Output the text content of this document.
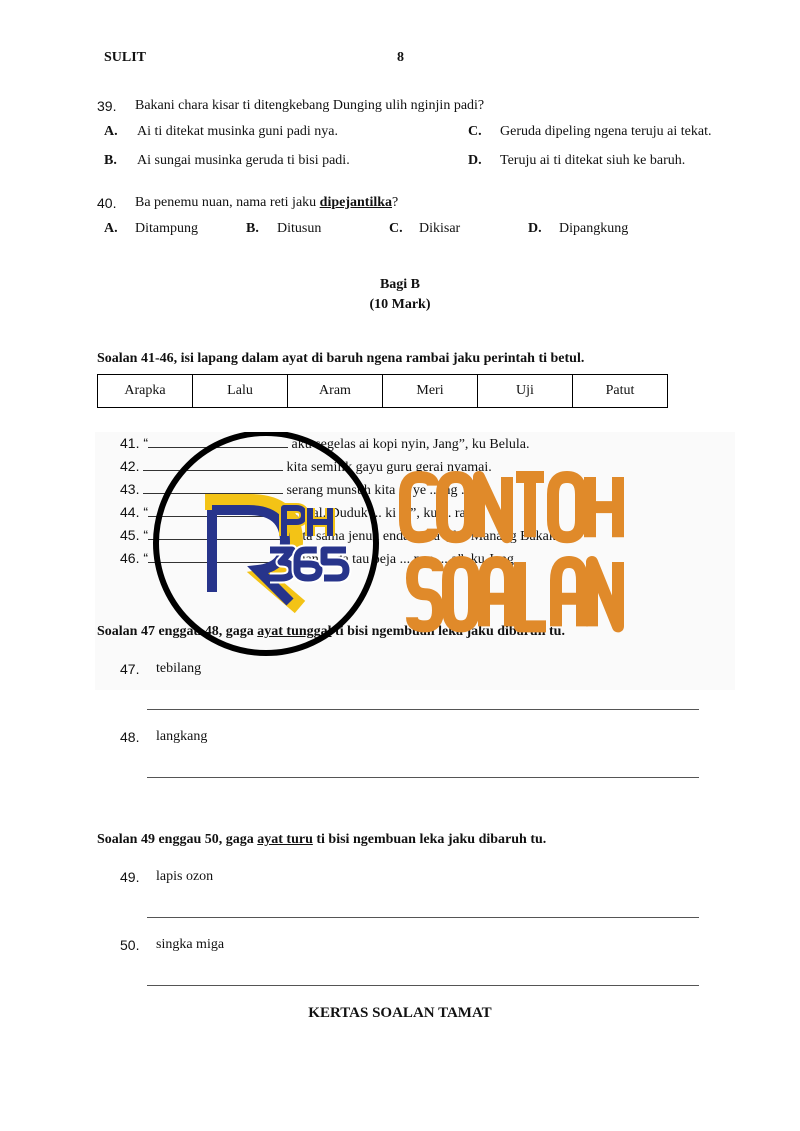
SULIT	8
39. Bakani chara kisar ti ditengkebang Dunging ulih nginjin padi?
A. Ai ti ditekat musinka guni padi nya.	C. Geruda dipeling ngena teruju ai tekat.
B. Ai sungai musinka geruda ti bisi padi.	D. Teruju ai ti ditekat siuh ke baruh.
40. Ba penemu nuan, nama reti jaku dipejantilka?
A. Ditampung	B. Ditusun	C. Dikisar	D. Dipangkung
Bagi B
(10 Mark)
Soalan 41-46, isi lapang dalam ayat di baruh ngena rambai jaku perintah ti betul.
Arapka	Lalu	Aram	Meri	Uji	Patut
41. “	aku segelas ai kopi nyin, Jang”, ku Belula.
42.	kita semilik gayu guru gerai nyamai.
43.	serang munsuh kita ... ye ... ng ... ta
44. “	... gal. Duduk ... ki ...”, ku ... ra
45. “	kita sama jenuh enda lama”, ku Manang Bakak.
46. “	nuan enda tau beja ... nya ... a”, ku Jang
Soalan 47 enggau 48, gaga ayat tunggal ti bisi ngembuan leka jaku dibaruh tu.
47. tebilang
48. langkang
Soalan 49 enggau 50, gaga ayat turu ti bisi ngembuan leka jaku dibaruh tu.
49. lapis ozon
50. singka miga
KERTAS SOALAN TAMAT
